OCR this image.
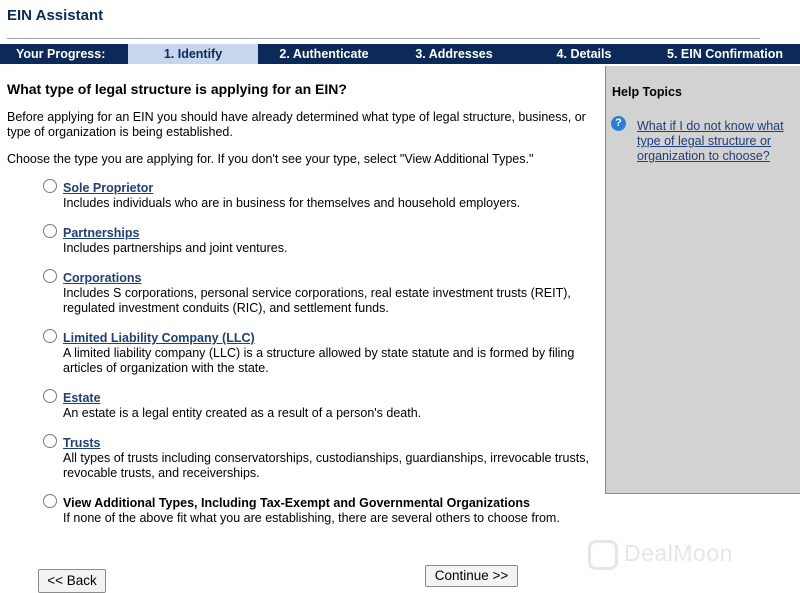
EIN Assistant
Your Progress:	1. Identify	2. Authenticate	3. Addresses	4. Details	5. EIN Confirmation
What type of legal structure is applying for an EIN?
Before applying for an EIN you should have already determined what type of legal structure, business, or type of organization is being established.
Choose the type you are applying for. If you don't see your type, select "View Additional Types."
Sole Proprietor
Includes individuals who are in business for themselves and household employers.
Partnerships
Includes partnerships and joint ventures.
Corporations
Includes S corporations, personal service corporations, real estate investment trusts (REIT), regulated investment conduits (RIC), and settlement funds.
Limited Liability Company (LLC)
A limited liability company (LLC) is a structure allowed by state statute and is formed by filing articles of organization with the state.
Estate
An estate is a legal entity created as a result of a person's death.
Trusts
All types of trusts including conservatorships, custodianships, guardianships, irrevocable trusts, revocable trusts, and receiverships.
View Additional Types, Including Tax-Exempt and Governmental Organizations
If none of the above fit what you are establishing, there are several others to choose from.
Help Topics
?	What if I do not know what type of legal structure or organization to choose?
DealMoon
<< Back	Continue >>
